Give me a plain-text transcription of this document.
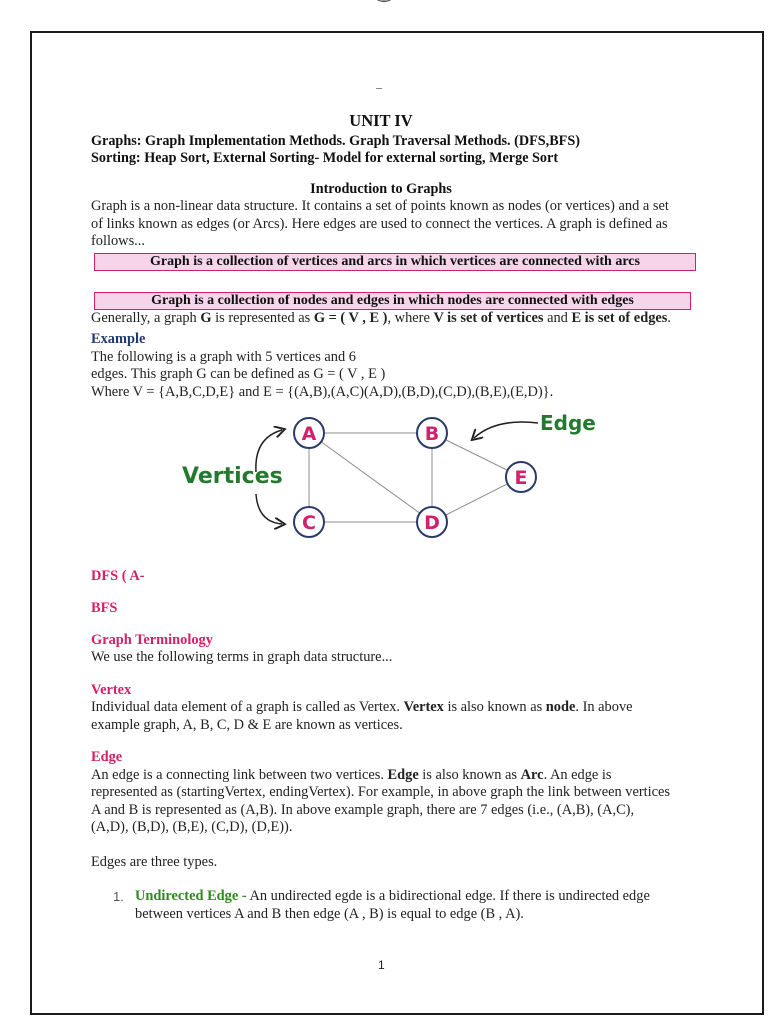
–
UNIT IV
Graphs: Graph Implementation Methods. Graph Traversal Methods. (DFS,BFS)
Sorting: Heap Sort, External Sorting- Model for external sorting, Merge Sort
Introduction to Graphs

Graph is a non-linear data structure. It contains a set of points known as nodes (or vertices) and a set of links known as edges (or Arcs). Here edges are used to connect the vertices. A graph is defined as follows...

Graph is a collection of vertices and arcs in which vertices are connected with arcs
Graph is a collection of nodes and edges in which nodes are connected with edges

Generally, a graph G is represented as G = ( V , E ), where V is set of vertices and E is set of edges.

Example

The following is a graph with 5 vertices and 6

edges. This graph G can be defined as G = ( V , E )

Where V = {A,B,C,D,E} and E = {(A,B),(A,C)(A,D),(B,D),(C,D),(B,E),(E,D)}.

Vertices
Edge
A	B
C	D
E

DFS ( A-

BFS

Graph Terminology

We use the following terms in graph data structure...

Vertex

Individual data element of a graph is called as Vertex. Vertex is also known as node. In above example graph, A, B, C, D & E are known as vertices.

Edge

An edge is a connecting link between two vertices. Edge is also known as Arc. An edge is represented as (startingVertex, endingVertex). For example, in above graph the link between vertices A and B is represented as (A,B). In above example graph, there are 7 edges (i.e., (A,B), (A,C), (A,D), (B,D), (B,E), (C,D), (D,E)).

Edges are three types.

1. Undirected Edge - An undirected egde is a bidirectional edge. If there is undirected edge between vertices A and B then edge (A , B) is equal to edge (B , A).
1
